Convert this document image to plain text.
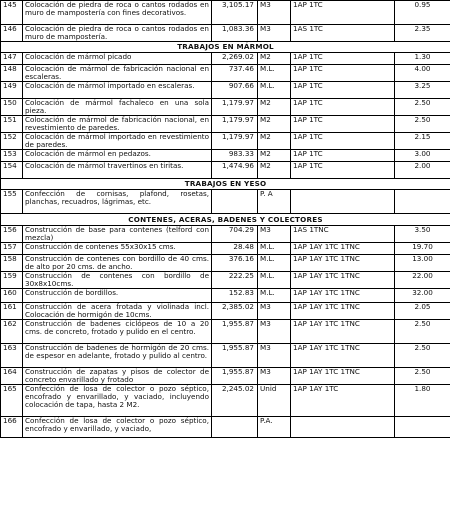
145	Colocación de piedra de roca o cantos rodados en muro de mampostería con fines decorativos.	3,105.17	M3	1AP 1TC	0.95
146	Colocación de piedra de roca o cantos rodados en muro de mampostería.	1,083.36	M3	1AS 1TC	2.35
TRABAJOS EN MÁRMOL					
147	Colocación de mármol picado	2,269.02	M2	1AP 1TC	1.30
148	Colocación de mármol de fabricación nacional en escaleras.	737.46	M.L.	1AP 1TC	4.00
149	Colocación de mármol importado en escaleras.	907.66	M.L.	1AP 1TC	3.25
150	Colocación de mármol fachaleco en una sola pieza.	1,179.97	M2	1AP 1TC	2.50
151	Colocación de mármol de fabricación nacional, en revestimiento de paredes.	1,179.97	M2	1AP 1TC	2.50
152	Colocación de mármol importado en revestimiento de paredes.	1,179.97	M2	1AP 1TC	2.15
153	Colocación de mármol en pedazos.	983.33	M2	1AP 1TC	3.00
154	Colocación de mármol travertinos en tiritas.	1,474.96	M2	1AP 1TC	2.00
TRABAJOS EN YESO					
155	Confección de cornisas, plafond, rosetas, planchas, recuadros, lágrimas, etc.		P. A		
CONTENES, ACERAS, BADENES Y COLECTORES					
156	Construcción de base para contenes (telford con mezcla)	704.29	M3	1AS 1TNC	3.50
157	Construcción de contenes 55x30x15 cms.	28.48	M.L.	1AP 1AY 1TC 1TNC	19.70
158	Construcción de contenes con bordillo de 40 cms. de alto por 20 cms. de ancho.	376.16	M.L.	1AP 1AY 1TC 1TNC	13.00
159	Construcción de contenes con bordillo de 30x8x10cms.	222.25	M.L.	1AP 1AY 1TC 1TNC	22.00
160	Construcción de bordillos.	152.83	M.L.	1AP 1AY 1TC 1TNC	32.00
161	Construcción de acera frotada y violinada incl. Colocación de hormigón de 10cms.	2,385.02	M3	1AP 1AY 1TC 1TNC	2.05
162	Construcción de badenes ciclópeos de 10 a 20 cms. de concreto, frotado y pulido en el centro.	1,955.87	M3	1AP 1AY 1TC 1TNC	2.50
163	Construcción de badenes de hormigón de 20 cms. de espesor en adelante, frotado y pulido al centro.	1,955.87	M3	1AP 1AY 1TC 1TNC	2.50
164	Construcción de zapatas y pisos de colector de concreto envarillado y frotado	1,955.87	M3	1AP 1AY 1TC 1TNC	2.50
165	Confección de losa de colector o pozo séptico, encofrado y envarillado, y vaciado, incluyendo colocación de tapa, hasta 2 M2.	2,245.02	Unid	1AP 1AY 1TC	1.80
166	Confección de losa de colector o pozo séptico, encofrado y envarillado, y vaciado,		P.A.		
